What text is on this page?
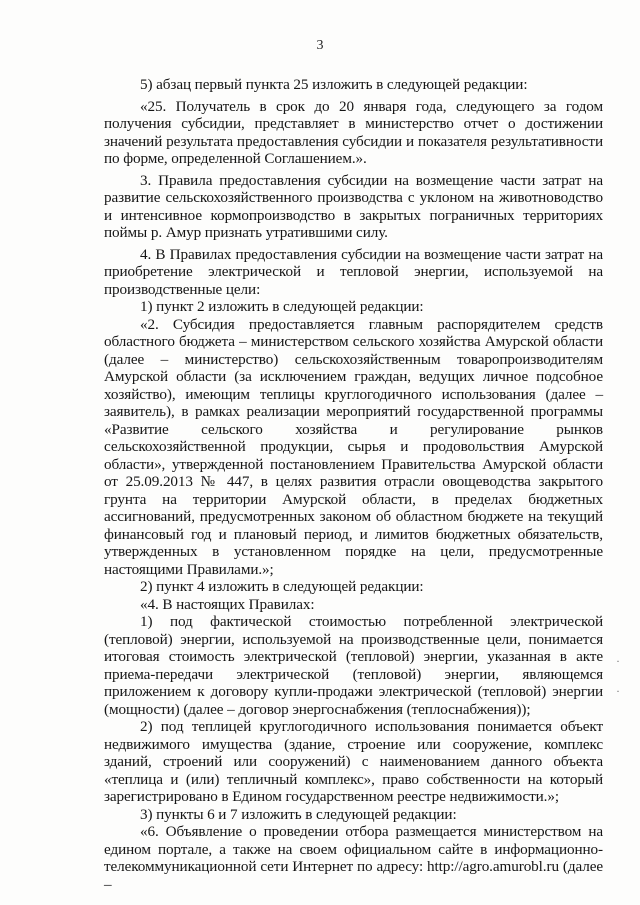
3

5) абзац первый пункта 25 изложить в следующей редакции:

«25. Получатель в срок до 20 января года, следующего за годом получения субсидии, представляет в министерство отчет о достижении значений результата предоставления субсидии и показателя результативности по форме, определенной Соглашением.».

3. Правила предоставления субсидии на возмещение части затрат на развитие сельскохозяйственного производства с уклоном на животноводство и интенсивное кормопроизводство в закрытых пограничных территориях поймы р. Амур признать утратившими силу.

4. В Правилах предоставления субсидии на возмещение части затрат на приобретение электрической и тепловой энергии, используемой на производственные цели:

1) пункт 2 изложить в следующей редакции:

«2. Субсидия предоставляется главным распорядителем средств областного бюджета – министерством сельского хозяйства Амурской области (далее – министерство) сельскохозяйственным товаропроизводителям Амурской области (за исключением граждан, ведущих личное подсобное хозяйство), имеющим теплицы круглогодичного использования (далее – заявитель), в рамках реализации мероприятий государственной программы «Развитие сельского хозяйства и регулирование рынков сельскохозяйственной продукции, сырья и продовольствия Амурской области», утвержденной постановлением Правительства Амурской области от 25.09.2013 № 447, в целях развития отрасли овощеводства закрытого грунта на территории Амурской области, в пределах бюджетных ассигнований, предусмотренных законом об областном бюджете на текущий финансовый год и плановый период, и лимитов бюджетных обязательств, утвержденных в установленном порядке на цели, предусмотренные настоящими Правилами.»;

2) пункт 4 изложить в следующей редакции:

«4. В настоящих Правилах:

1) под фактической стоимостью потребленной электрической (тепловой) энергии, используемой на производственные цели, понимается итоговая стоимость электрической (тепловой) энергии, указанная в акте приема-передачи электрической (тепловой) энергии, являющемся приложением к договору купли-продажи электрической (тепловой) энергии (мощности) (далее – договор энергоснабжения (теплоснабжения));

2) под теплицей круглогодичного использования понимается объект недвижимого имущества (здание, строение или сооружение, комплекс зданий, строений или сооружений) с наименованием данного объекта «теплица и (или) тепличный комплекс», право собственности на который зарегистрировано в Едином государственном реестре недвижимости.»;

3) пункты 6 и 7 изложить в следующей редакции:

«6. Объявление о проведении отбора размещается министерством на едином портале, а также на своем официальном сайте в информационно-телекоммуникационной сети Интернет по адресу: http://agro.amurobl.ru (далее –

·
·
